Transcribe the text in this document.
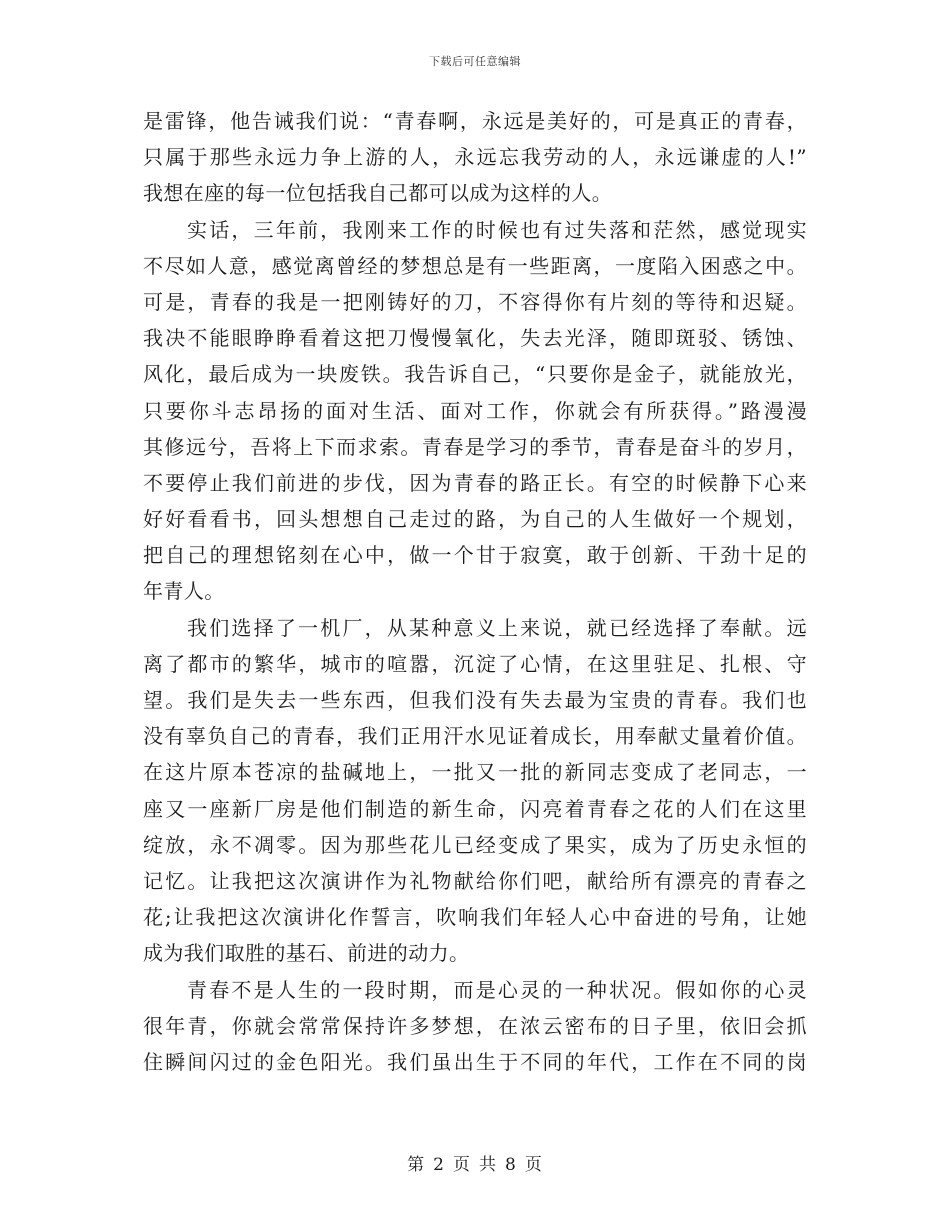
下载后可任意编辑
是雷锋，他告诫我们说：“青春啊，永远是美好的，可是真正的青春，
只属于那些永远力争上游的人，永远忘我劳动的人，永远谦虚的人!”
我想在座的每一位包括我自己都可以成为这样的人。
实话，三年前，我刚来工作的时候也有过失落和茫然，感觉现实
不尽如人意，感觉离曾经的梦想总是有一些距离，一度陷入困惑之中。
可是，青春的我是一把刚铸好的刀，不容得你有片刻的等待和迟疑。
我决不能眼睁睁看着这把刀慢慢氧化，失去光泽，随即斑驳、锈蚀、
风化，最后成为一块废铁。我告诉自己，“只要你是金子，就能放光，
只要你斗志昂扬的面对生活、面对工作，你就会有所获得。”路漫漫
其修远兮，吾将上下而求索。青春是学习的季节，青春是奋斗的岁月，
不要停止我们前进的步伐，因为青春的路正长。有空的时候静下心来
好好看看书，回头想想自己走过的路，为自己的人生做好一个规划，
把自己的理想铭刻在心中，做一个甘于寂寞，敢于创新、干劲十足的
年青人。
我们选择了一机厂，从某种意义上来说，就已经选择了奉献。远
离了都市的繁华，城市的喧嚣，沉淀了心情，在这里驻足、扎根、守
望。我们是失去一些东西，但我们没有失去最为宝贵的青春。我们也
没有辜负自己的青春，我们正用汗水见证着成长，用奉献丈量着价值。
在这片原本苍凉的盐碱地上，一批又一批的新同志变成了老同志，一
座又一座新厂房是他们制造的新生命，闪亮着青春之花的人们在这里
绽放，永不凋零。因为那些花儿已经变成了果实，成为了历史永恒的
记忆。让我把这次演讲作为礼物献给你们吧，献给所有漂亮的青春之
花;让我把这次演讲化作誓言，吹响我们年轻人心中奋进的号角，让她
成为我们取胜的基石、前进的动力。
青春不是人生的一段时期，而是心灵的一种状况。假如你的心灵
很年青，你就会常常保持许多梦想，在浓云密布的日子里，依旧会抓
住瞬间闪过的金色阳光。我们虽出生于不同的年代，工作在不同的岗
第 2 页 共 8 页
